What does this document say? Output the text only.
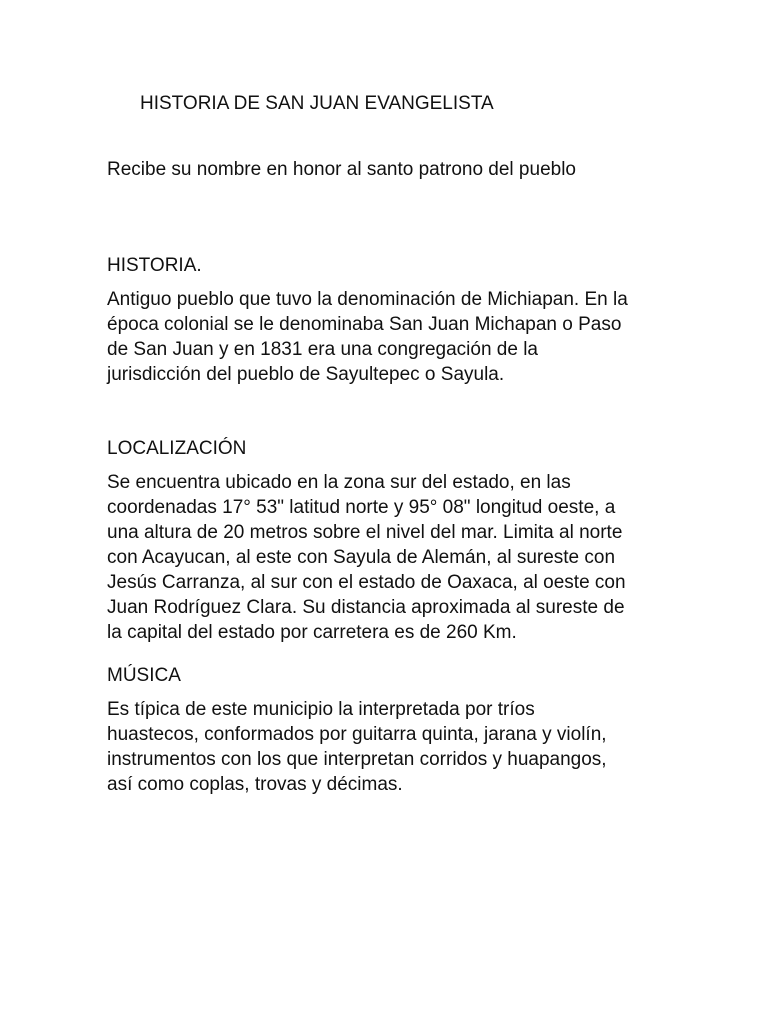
HISTORIA DE SAN JUAN EVANGELISTA

Recibe su nombre en honor al santo patrono del pueblo

HISTORIA.
Antiguo pueblo que tuvo la denominación de Michiapan. En la
época colonial se le denominaba San Juan Michapan o Paso
de San Juan y en 1831 era una congregación de la
jurisdicción del pueblo de Sayultepec o Sayula.
LOCALIZACIÓN
Se encuentra ubicado en la zona sur del estado, en las
coordenadas 17° 53" latitud norte y 95° 08" longitud oeste, a
una altura de 20 metros sobre el nivel del mar. Limita al norte
con Acayucan, al este con Sayula de Alemán, al sureste con
Jesús Carranza, al sur con el estado de Oaxaca, al oeste con
Juan Rodríguez Clara. Su distancia aproximada al sureste de
la capital del estado por carretera es de 260 Km.
MÚSICA
Es típica de este municipio la interpretada por tríos
huastecos, conformados por guitarra quinta, jarana y violín,
instrumentos con los que interpretan corridos y huapangos,
así como coplas, trovas y décimas.
